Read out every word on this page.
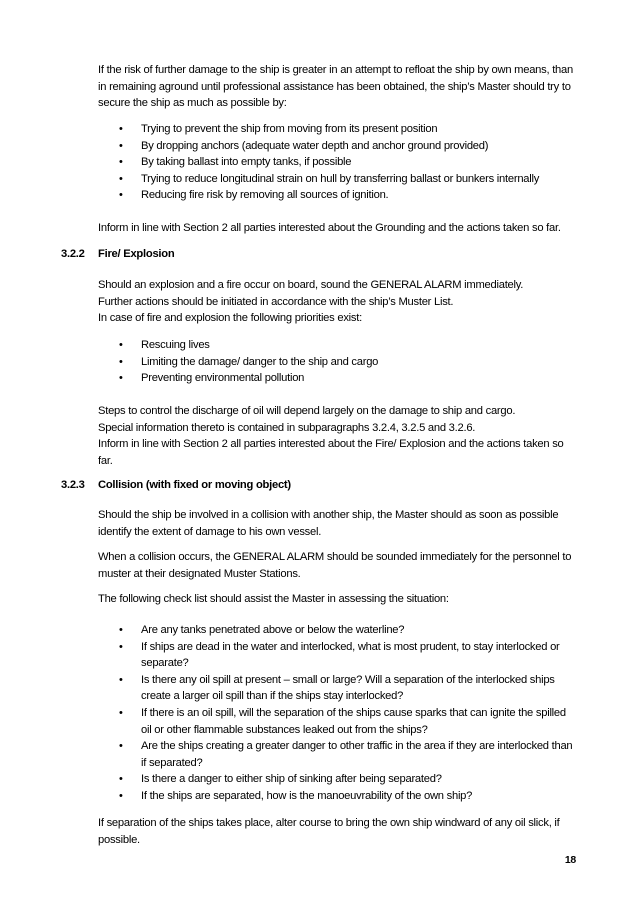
If the risk of further damage to the ship is greater in an attempt to refloat the ship by own means, than in remaining aground until professional assistance has been obtained, the ship’s Master should try to secure the ship as much as possible by:

• Trying to prevent the ship from moving from its present position
• By dropping anchors (adequate water depth and anchor ground provided)
• By taking ballast into empty tanks, if possible
• Trying to reduce longitudinal strain on hull by transferring ballast or bunkers internally
• Reducing fire risk by removing all sources of ignition.

Inform in line with Section 2 all parties interested about the Grounding and the actions taken so far.

3.2.2 Fire/ Explosion

Should an explosion and a fire occur on board, sound the GENERAL ALARM immediately.
Further actions should be initiated in accordance with the ship’s Muster List.
In case of fire and explosion the following priorities exist:
• Rescuing lives
• Limiting the damage/ danger to the ship and cargo
• Preventing environmental pollution
Steps to control the discharge of oil will depend largely on the damage to ship and cargo.
Special information thereto is contained in subparagraphs 3.2.4, 3.2.5 and 3.2.6.
Inform in line with Section 2 all parties interested about the Fire/ Explosion and the actions taken so far.

3.2.3 Collision (with fixed or moving object)

Should the ship be involved in a collision with another ship, the Master should as soon as possible identify the extent of damage to his own vessel.

When a collision occurs, the GENERAL ALARM should be sounded immediately for the personnel to muster at their designated Muster Stations.

The following check list should assist the Master in assessing the situation:

• Are any tanks penetrated above or below the waterline?
• If ships are dead in the water and interlocked, what is most prudent, to stay interlocked or separate?
• Is there any oil spill at present – small or large? Will a separation of the interlocked ships create a larger oil spill than if the ships stay interlocked?
• If there is an oil spill, will the separation of the ships cause sparks that can ignite the spilled oil or other flammable substances leaked out from the ships?
• Are the ships creating a greater danger to other traffic in the area if they are interlocked than if separated?
• Is there a danger to either ship of sinking after being separated?
• If the ships are separated, how is the manoeuvrability of the own ship?

If separation of the ships takes place, alter course to bring the own ship windward of any oil slick, if possible.

18
